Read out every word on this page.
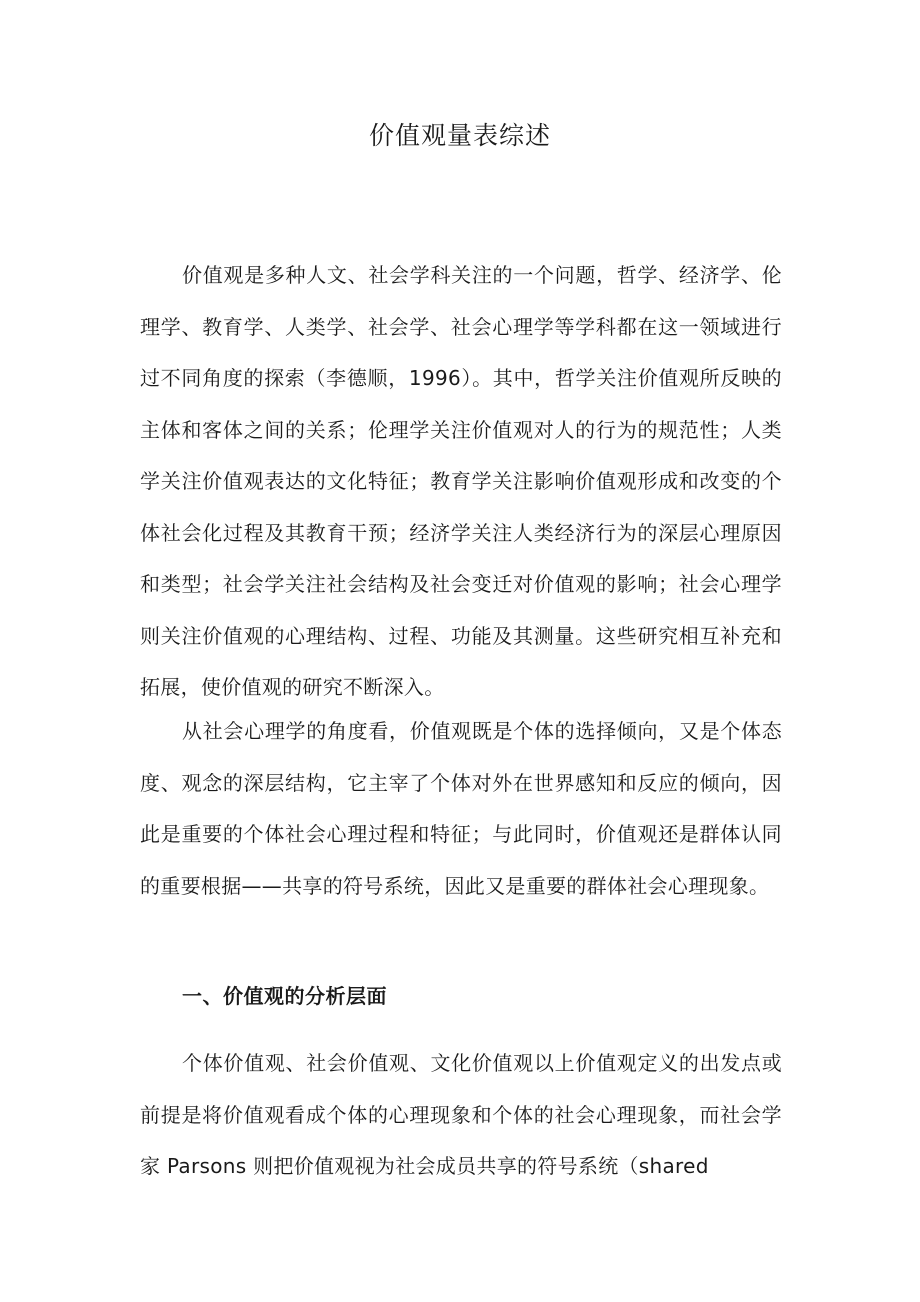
价值观量表综述

价值观是多种人文、社会学科关注的一个问题，哲学、经济学、伦理学、教育学、人类学、社会学、社会心理学等学科都在这一领域进行过不同角度的探索（李德顺，1996）。其中，哲学关注价值观所反映的主体和客体之间的关系；伦理学关注价值观对人的行为的规范性；人类学关注价值观表达的文化特征；教育学关注影响价值观形成和改变的个体社会化过程及其教育干预；经济学关注人类经济行为的深层心理原因和类型；社会学关注社会结构及社会变迁对价值观的影响；社会心理学则关注价值观的心理结构、过程、功能及其测量。这些研究相互补充和拓展，使价值观的研究不断深入。

从社会心理学的角度看，价值观既是个体的选择倾向，又是个体态度、观念的深层结构，它主宰了个体对外在世界感知和反应的倾向，因此是重要的个体社会心理过程和特征；与此同时，价值观还是群体认同的重要根据——共享的符号系统，因此又是重要的群体社会心理现象。

一、价值观的分析层面

个体价值观、社会价值观、文化价值观以上价值观定义的出发点或前提是将价值观看成个体的心理现象和个体的社会心理现象，而社会学家 Parsons 则把价值观视为社会成员共享的符号系统（shared
